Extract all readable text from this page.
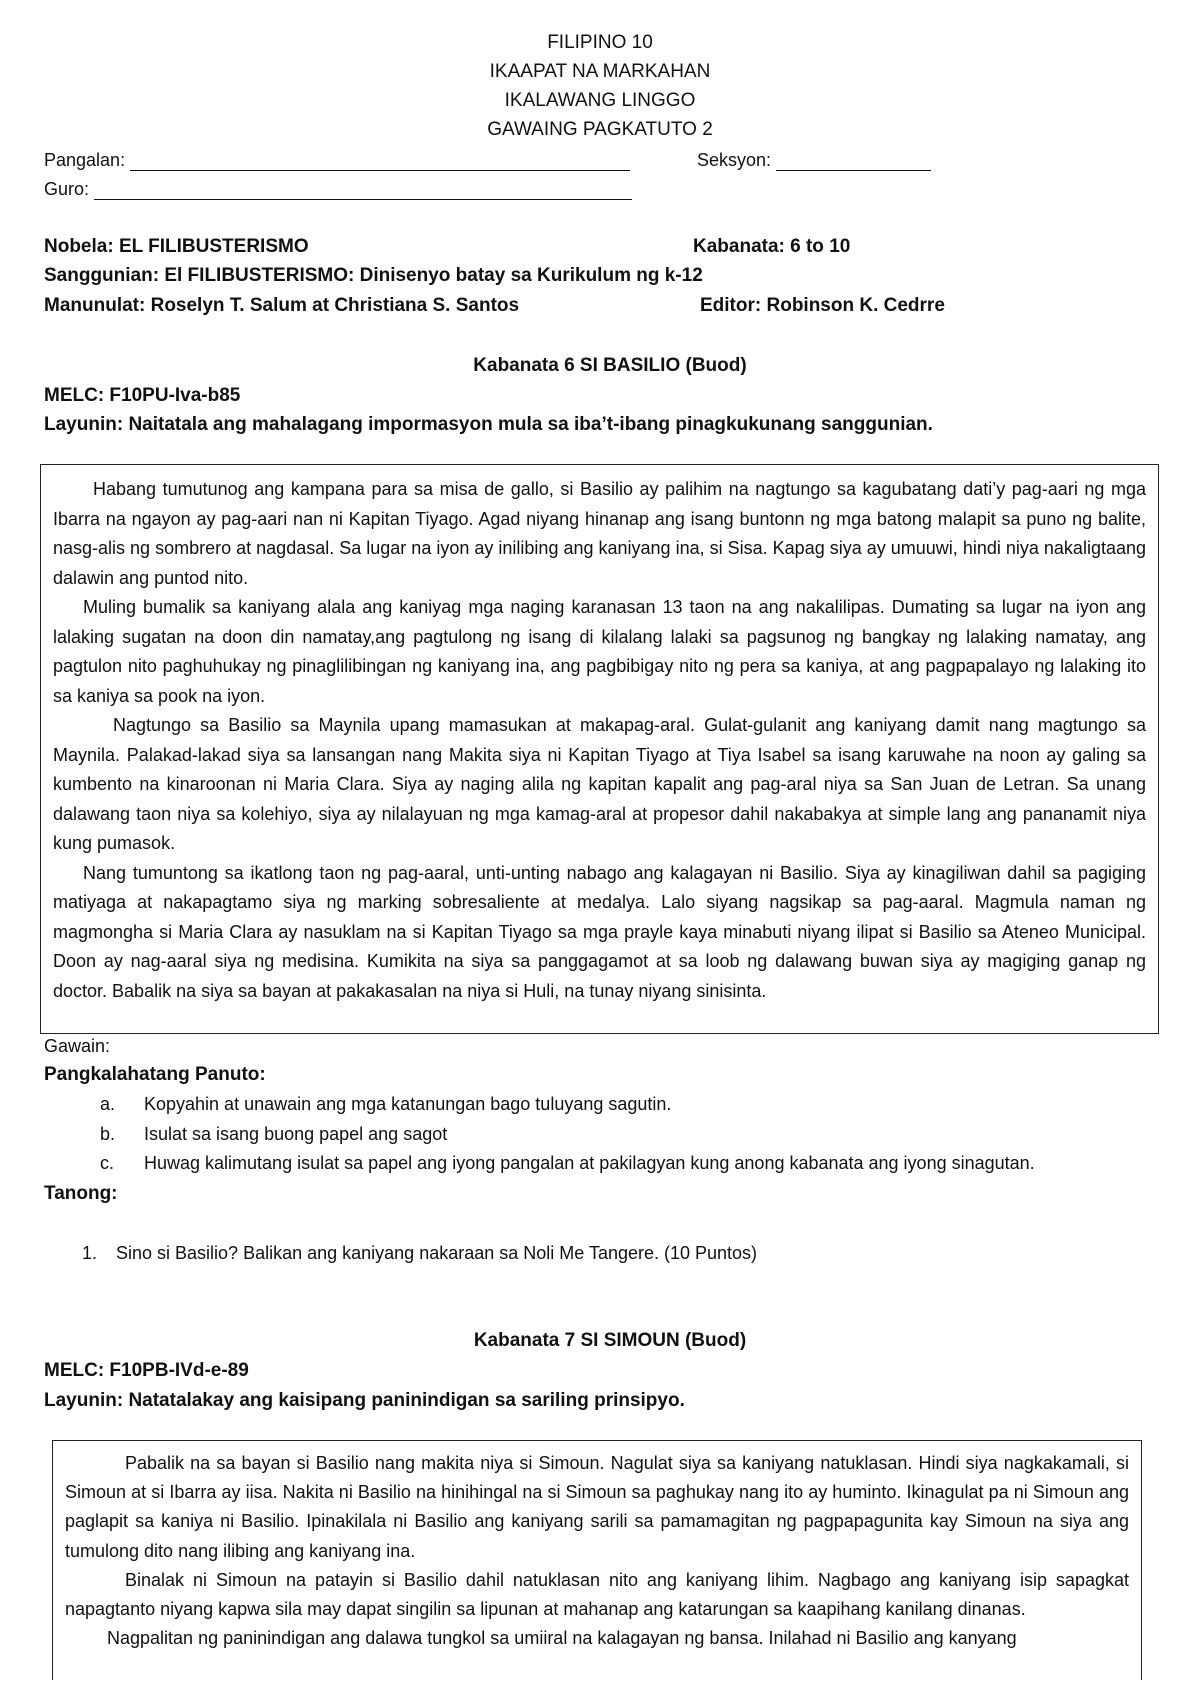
FILIPINO 10
IKAAPAT NA MARKAHAN
IKALAWANG LINGGO
GAWAING PAGKATUTO 2
Pangalan:	Seksyon:
Guro:
Nobela: EL FILIBUSTERISMO	Kabanata: 6 to 10
Sanggunian: El FILIBUSTERISMO: Dinisenyo batay sa Kurikulum ng k-12
Manunulat: Roselyn T. Salum at Christiana S. Santos	Editor: Robinson K. Cedrre
Kabanata 6 SI BASILIO (Buod)
MELC: F10PU-Iva-b85
Layunin: Naitatala ang mahalagang impormasyon mula sa iba’t-ibang pinagkukunang sanggunian.

Habang tumutunog ang kampana para sa misa de gallo, si Basilio ay palihim na nagtungo sa kagubatang dati’y pag-aari ng mga Ibarra na ngayon ay pag-aari nan ni Kapitan Tiyago. Agad niyang hinanap ang isang buntonn ng mga batong malapit sa puno ng balite, nasg-alis ng sombrero at nagdasal. Sa lugar na iyon ay inilibing ang kaniyang ina, si Sisa. Kapag siya ay umuuwi, hindi niya nakaligtaang dalawin ang puntod nito.

Muling bumalik sa kaniyang alala ang kaniyag mga naging karanasan 13 taon na ang nakalilipas. Dumating sa lugar na iyon ang lalaking sugatan na doon din namatay,ang pagtulong ng isang di kilalang lalaki sa pagsunog ng bangkay ng lalaking namatay, ang pagtulon nito paghuhukay ng pinaglilibingan ng kaniyang ina, ang pagbibigay nito ng pera sa kaniya, at ang pagpapalayo ng lalaking ito sa kaniya sa pook na iyon.

Nagtungo sa Basilio sa Maynila upang mamasukan at makapag-aral. Gulat-gulanit ang kaniyang damit nang magtungo sa Maynila. Palakad-lakad siya sa lansangan nang Makita siya ni Kapitan Tiyago at Tiya Isabel sa isang karuwahe na noon ay galing sa kumbento na kinaroonan ni Maria Clara. Siya ay naging alila ng kapitan kapalit ang pag-aral niya sa San Juan de Letran. Sa unang dalawang taon niya sa kolehiyo, siya ay nilalayuan ng mga kamag-aral at propesor dahil nakabakya at simple lang ang pananamit niya kung pumasok.

Nang tumuntong sa ikatlong taon ng pag-aaral, unti-unting nabago ang kalagayan ni Basilio. Siya ay kinagiliwan dahil sa pagiging matiyaga at nakapagtamo siya ng marking sobresaliente at medalya. Lalo siyang nagsikap sa pag-aaral. Magmula naman ng magmongha si Maria Clara ay nasuklam na si Kapitan Tiyago sa mga prayle kaya minabuti niyang ilipat si Basilio sa Ateneo Municipal. Doon ay nag-aaral siya ng medisina. Kumikita na siya sa panggagamot at sa loob ng dalawang buwan siya ay magiging ganap ng doctor. Babalik na siya sa bayan at pakakasalan na niya si Huli, na tunay niyang sinisinta.

Gawain:
Pangkalahatang Panuto:
a. Kopyahin at unawain ang mga katanungan bago tuluyang sagutin.
b. Isulat sa isang buong papel ang sagot
c. Huwag kalimutang isulat sa papel ang iyong pangalan at pakilagyan kung anong kabanata ang iyong sinagutan.
Tanong:
1. Sino si Basilio? Balikan ang kaniyang nakaraan sa Noli Me Tangere. (10 Puntos)
Kabanata 7 SI SIMOUN (Buod)
MELC: F10PB-IVd-e-89
Layunin: Natatalakay ang kaisipang paninindigan sa sariling prinsipyo.

Pabalik na sa bayan si Basilio nang makita niya si Simoun. Nagulat siya sa kaniyang natuklasan. Hindi siya nagkakamali, si Simoun at si Ibarra ay iisa. Nakita ni Basilio na hinihingal na si Simoun sa paghukay nang ito ay huminto. Ikinagulat pa ni Simoun ang paglapit sa kaniya ni Basilio. Ipinakilala ni Basilio ang kaniyang sarili sa pamamagitan ng pagpapagunita kay Simoun na siya ang tumulong dito nang ilibing ang kaniyang ina.

Binalak ni Simoun na patayin si Basilio dahil natuklasan nito ang kaniyang lihim. Nagbago ang kaniyang isip sapagkat napagtanto niyang kapwa sila may dapat singilin sa lipunan at mahanap ang katarungan sa kaapihang kanilang dinanas.

Nagpalitan ng paninindigan ang dalawa tungkol sa umiiral na kalagayan ng bansa. Inilahad ni Basilio ang kanyang
